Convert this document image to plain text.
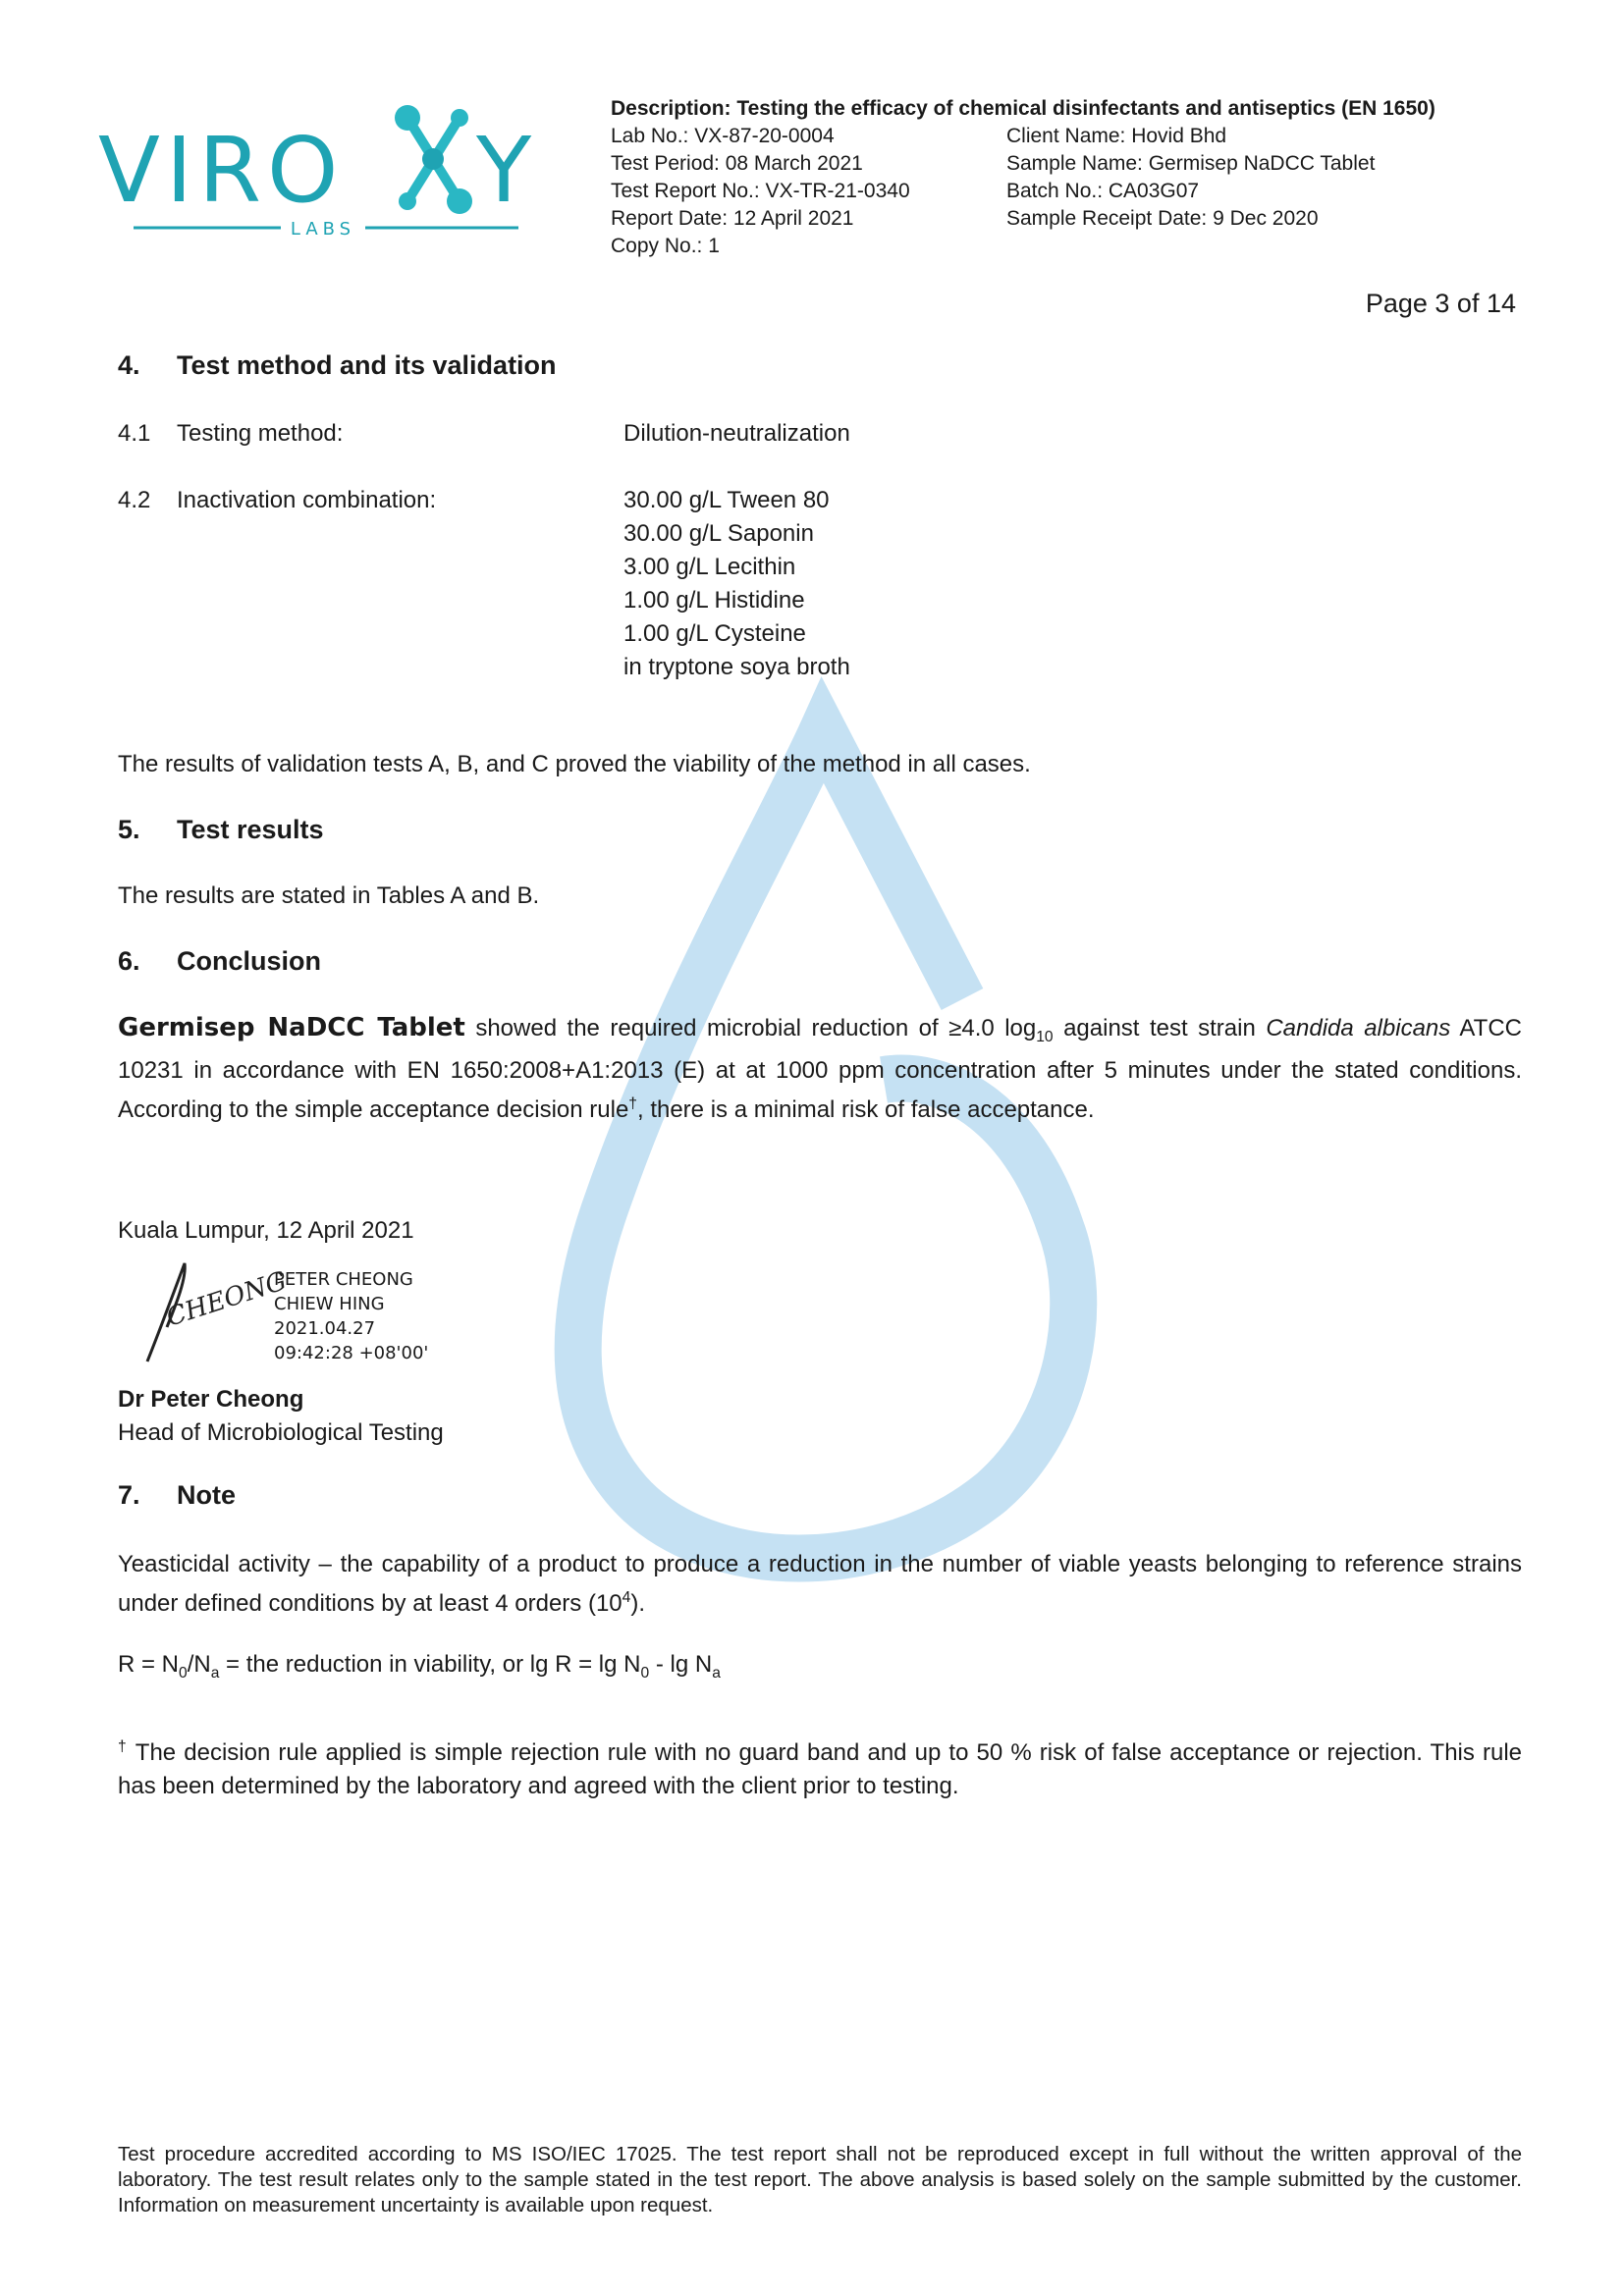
VIRO Y
LABS
Description: Testing the efficacy of chemical disinfectants and antiseptics (EN 1650)
Lab No.: VX-87-20-0004
Test Period: 08 March 2021
Test Report No.: VX-TR-21-0340
Report Date: 12 April 2021
Copy No.: 1
Client Name: Hovid Bhd
Sample Name: Germisep NaDCC Tablet
Batch No.: CA03G07
Sample Receipt Date: 9 Dec 2020
Page 3 of 14
4. Test method and its validation
4.1 Testing method:	Dilution-neutralization
4.2 Inactivation combination:	30.00 g/L Tween 80
30.00 g/L Saponin
3.00 g/L Lecithin
1.00 g/L Histidine
1.00 g/L Cysteine
in tryptone soya broth
The results of validation tests A, B, and C proved the viability of the method in all cases.
5. Test results
The results are stated in Tables A and B.
6. Conclusion
Germisep NaDCC Tablet showed the required microbial reduction of ≥4.0 $\log_{10}$ against test strain Candida albicans ATCC 10231 in accordance with EN 1650:2008+A1:2013 (E) at at 1000 ppm concentration after 5 minutes under the stated conditions. According to the simple acceptance decision rule†, there is a minimal risk of false acceptance.
Kuala Lumpur, 12 April 2021
CHEONG
PETER CHEONG
CHIEW HING
2021.04.27
09:42:28 +08'00'
Dr Peter Cheong
Head of Microbiological Testing
7. Note
Yeasticidal activity – the capability of a product to produce a reduction in the number of viable yeasts belonging to reference strains under defined conditions by at least 4 orders $(10^4)$.
$R = N_0/N_a$ = the reduction in viability, or $\lg R = \lg N_0 - \lg N_a$
† The decision rule applied is simple rejection rule with no guard band and up to 50 % risk of false acceptance or rejection. This rule has been determined by the laboratory and agreed with the client prior to testing.
Test procedure accredited according to MS ISO/IEC 17025. The test report shall not be reproduced except in full without the written approval of the laboratory. The test result relates only to the sample stated in the test report. The above analysis is based solely on the sample submitted by the customer. Information on measurement uncertainty is available upon request.
